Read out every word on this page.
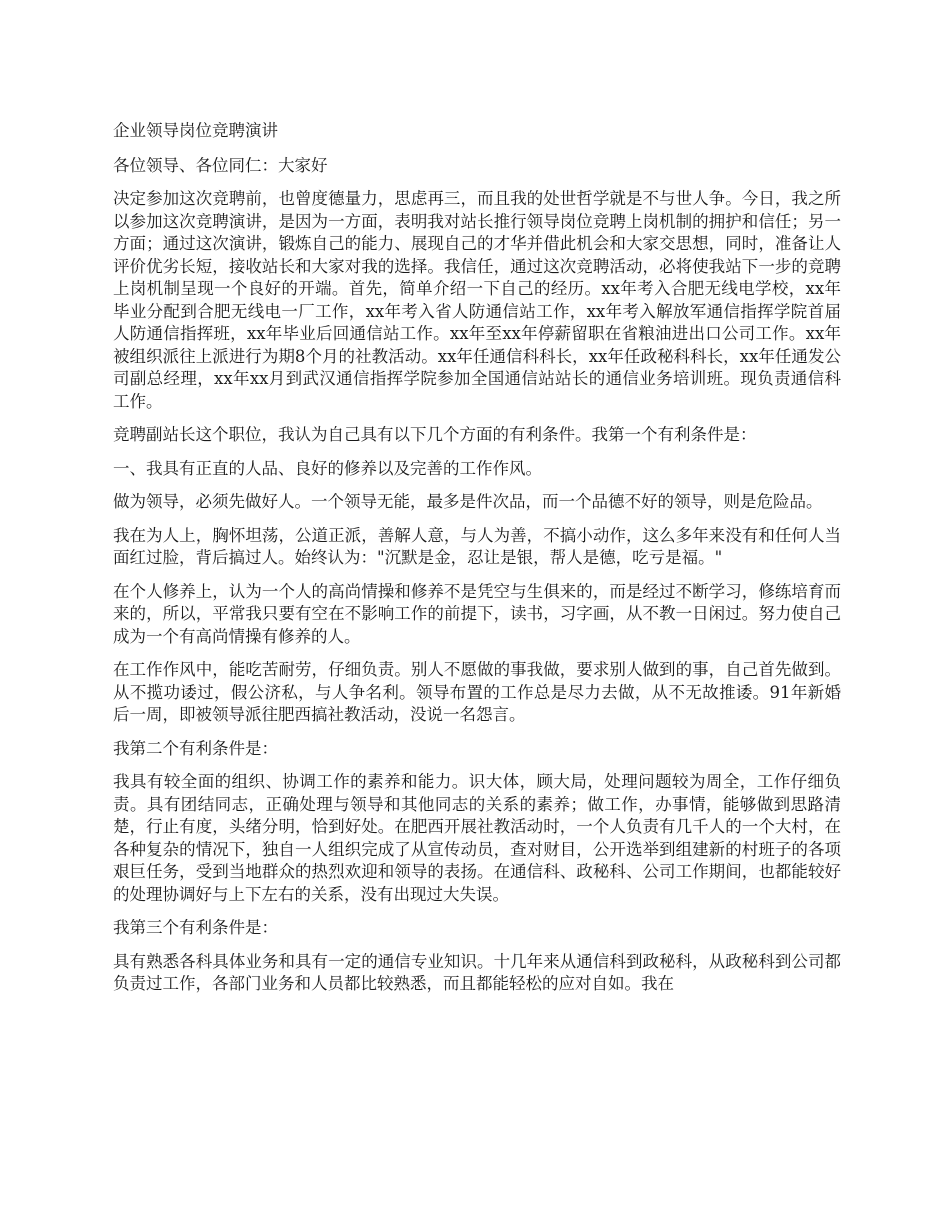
企业领导岗位竞聘演讲

各位领导、各位同仁：大家好

决定参加这次竞聘前，也曾度德量力，思虑再三，而且我的处世哲学就是不与世人争。今日，我之所以参加这次竞聘演讲，是因为一方面，表明我对站长推行领导岗位竞聘上岗机制的拥护和信任；另一方面；通过这次演讲，锻炼自己的能力、展现自己的才华并借此机会和大家交思想，同时，准备让人评价优劣长短，接收站长和大家对我的选择。我信任，通过这次竞聘活动，必将使我站下一步的竞聘上岗机制呈现一个良好的开端。首先，简单介绍一下自己的经历。xx年考入合肥无线电学校，xx年毕业分配到合肥无线电一厂工作，xx年考入省人防通信站工作，xx年考入解放军通信指挥学院首届人防通信指挥班，xx年毕业后回通信站工作。xx年至xx年停薪留职在省粮油进出口公司工作。xx年被组织派往上派进行为期8个月的社教活动。xx年任通信科科长，xx年任政秘科科长，xx年任通发公司副总经理，xx年xx月到武汉通信指挥学院参加全国通信站站长的通信业务培训班。现负责通信科工作。

竞聘副站长这个职位，我认为自己具有以下几个方面的有利条件。我第一个有利条件是：

一、我具有正直的人品、良好的修养以及完善的工作作风。

做为领导，必须先做好人。一个领导无能，最多是件次品，而一个品德不好的领导，则是危险品。

我在为人上，胸怀坦荡，公道正派，善解人意，与人为善，不搞小动作，这么多年来没有和任何人当面红过脸，背后搞过人。始终认为："沉默是金，忍让是银，帮人是德，吃亏是福。"

在个人修养上，认为一个人的高尚情操和修养不是凭空与生俱来的，而是经过不断学习，修练培育而来的，所以，平常我只要有空在不影响工作的前提下，读书，习字画，从不教一日闲过。努力使自己成为一个有高尚情操有修养的人。

在工作作风中，能吃苦耐劳，仔细负责。别人不愿做的事我做，要求别人做到的事，自己首先做到。从不揽功诿过，假公济私，与人争名利。领导布置的工作总是尽力去做，从不无故推诿。91年新婚后一周，即被领导派往肥西搞社教活动，没说一名怨言。

我第二个有利条件是：

我具有较全面的组织、协调工作的素养和能力。识大体，顾大局，处理问题较为周全，工作仔细负责。具有团结同志，正确处理与领导和其他同志的关系的素养；做工作，办事情，能够做到思路清楚，行止有度，头绪分明，恰到好处。在肥西开展社教活动时，一个人负责有几千人的一个大村，在各种复杂的情况下，独自一人组织完成了从宣传动员，查对财目，公开选举到组建新的村班子的各项艰巨任务，受到当地群众的热烈欢迎和领导的表扬。在通信科、政秘科、公司工作期间，也都能较好的处理协调好与上下左右的关系，没有出现过大失误。

我第三个有利条件是：

具有熟悉各科具体业务和具有一定的通信专业知识。十几年来从通信科到政秘科，从政秘科到公司都负责过工作，各部门业务和人员都比较熟悉，而且都能轻松的应对自如。我在
